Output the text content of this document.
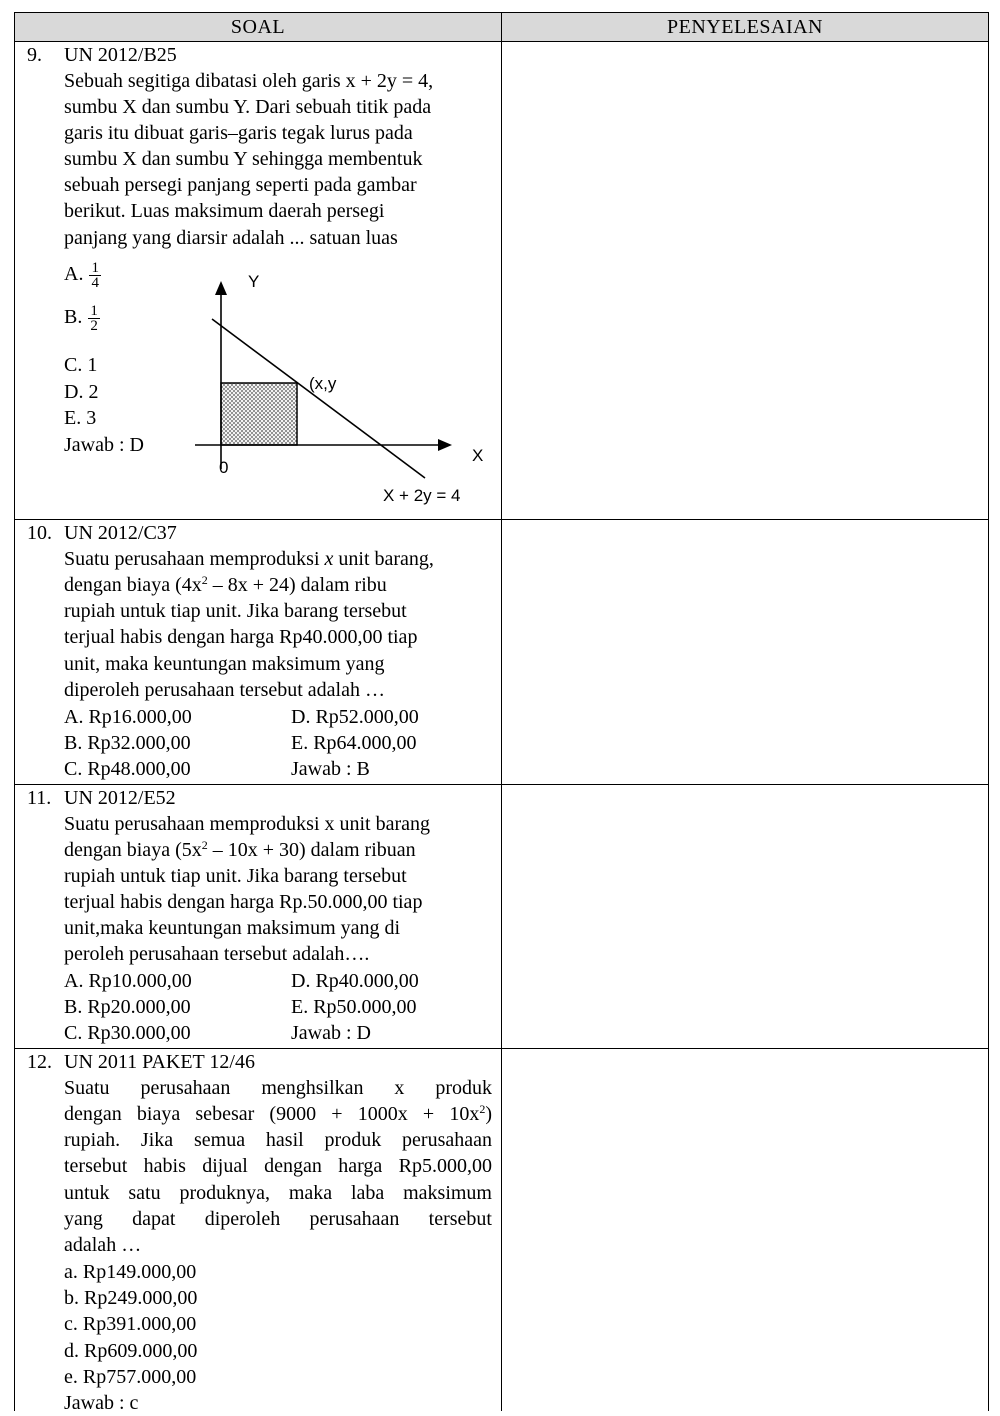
SOAL	PENYELESAIAN
9. UN 2012/B25
Sebuah segitiga dibatasi oleh garis x + 2y = 4,
sumbu X dan sumbu Y. Dari sebuah titik pada
garis itu dibuat garis–garis tegak lurus pada
sumbu X dan sumbu Y sehingga membentuk
sebuah persegi panjang seperti pada gambar
berikut. Luas maksimum daerah persegi
panjang yang diarsir adalah ... satuan luas
A. $\frac{1}{4}$
B. $\frac{1}{2}$
C. 1
D. 2
E. 3
Jawab : D
Y
X
0
(x,y
X + 2y = 4
10. UN 2012/C37
Suatu perusahaan memproduksi x unit barang,
dengan biaya $(4x^2 - 8x + 24)$ dalam ribu
rupiah untuk tiap unit. Jika barang tersebut
terjual habis dengan harga Rp40.000,00 tiap
unit, maka keuntungan maksimum yang
diperoleh perusahaan tersebut adalah …
A. Rp16.000,00
B. Rp32.000,00
C. Rp48.000,00
D. Rp52.000,00
E. Rp64.000,00
Jawab : B
11. UN 2012/E52
Suatu perusahaan memproduksi x unit barang
dengan biaya $(5x^2 - 10x + 30)$ dalam ribuan
rupiah untuk tiap unit. Jika barang tersebut
terjual habis dengan harga Rp.50.000,00 tiap
unit,maka keuntungan maksimum yang di
peroleh perusahaan tersebut adalah….
A. Rp10.000,00
B. Rp20.000,00
C. Rp30.000,00
D. Rp40.000,00
E. Rp50.000,00
Jawab : D
12. UN 2011 PAKET 12/46
Suatu perusahaan menghsilkan x produk
dengan biaya sebesar $(9000 + 1000x + 10x^2)$
rupiah. Jika semua hasil produk perusahaan
tersebut habis dijual dengan harga Rp5.000,00
untuk satu produknya, maka laba maksimum
yang dapat diperoleh perusahaan tersebut
adalah …
a. Rp149.000,00
b. Rp249.000,00
c. Rp391.000,00
d. Rp609.000,00
e. Rp757.000,00
Jawab : c
